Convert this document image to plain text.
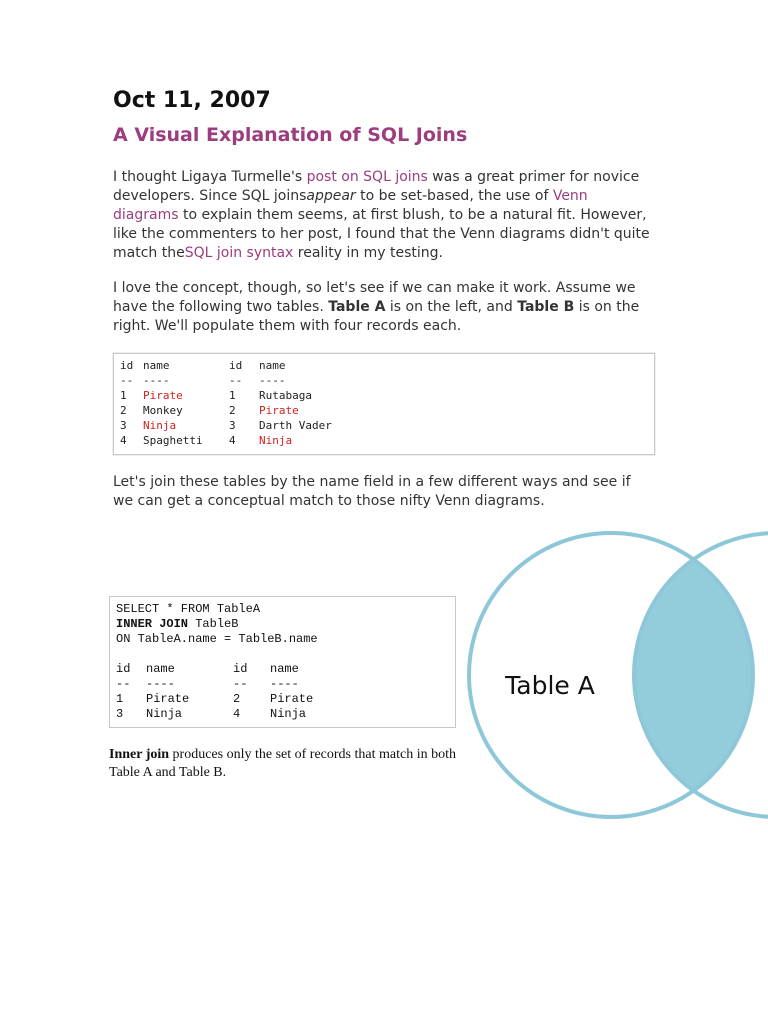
Oct 11, 2007
A Visual Explanation of SQL Joins
I thought Ligaya Turmelle's post on SQL joins was a great primer for novice developers. Since SQL joinsappear to be set-based, the use of Venn diagrams to explain them seems, at first blush, to be a natural fit. However, like the commenters to her post, I found that the Venn diagrams didn't quite match theSQL join syntax reality in my testing.
I love the concept, though, so let's see if we can make it work. Assume we have the following two tables. Table A is on the left, and Table B is on the right. We'll populate them with four records each.
id name	id name
-- ----	-- ----
1 Pirate	1 Rutabaga
2 Monkey	2 Pirate
3 Ninja	3 Darth Vader
4 Spaghetti 4 Ninja
Let's join these tables by the name field in a few different ways and see if we can get a conceptual match to those nifty Venn diagrams.
Table A
SELECT * FROM TableA
INNER JOIN TableB
ON TableA.name = TableB.name
id name	id name
-- ----	-- ----
1 Pirate	2 Pirate
3 Ninja	4 Ninja
Inner join produces only the set of records that match in both Table A and Table B.
